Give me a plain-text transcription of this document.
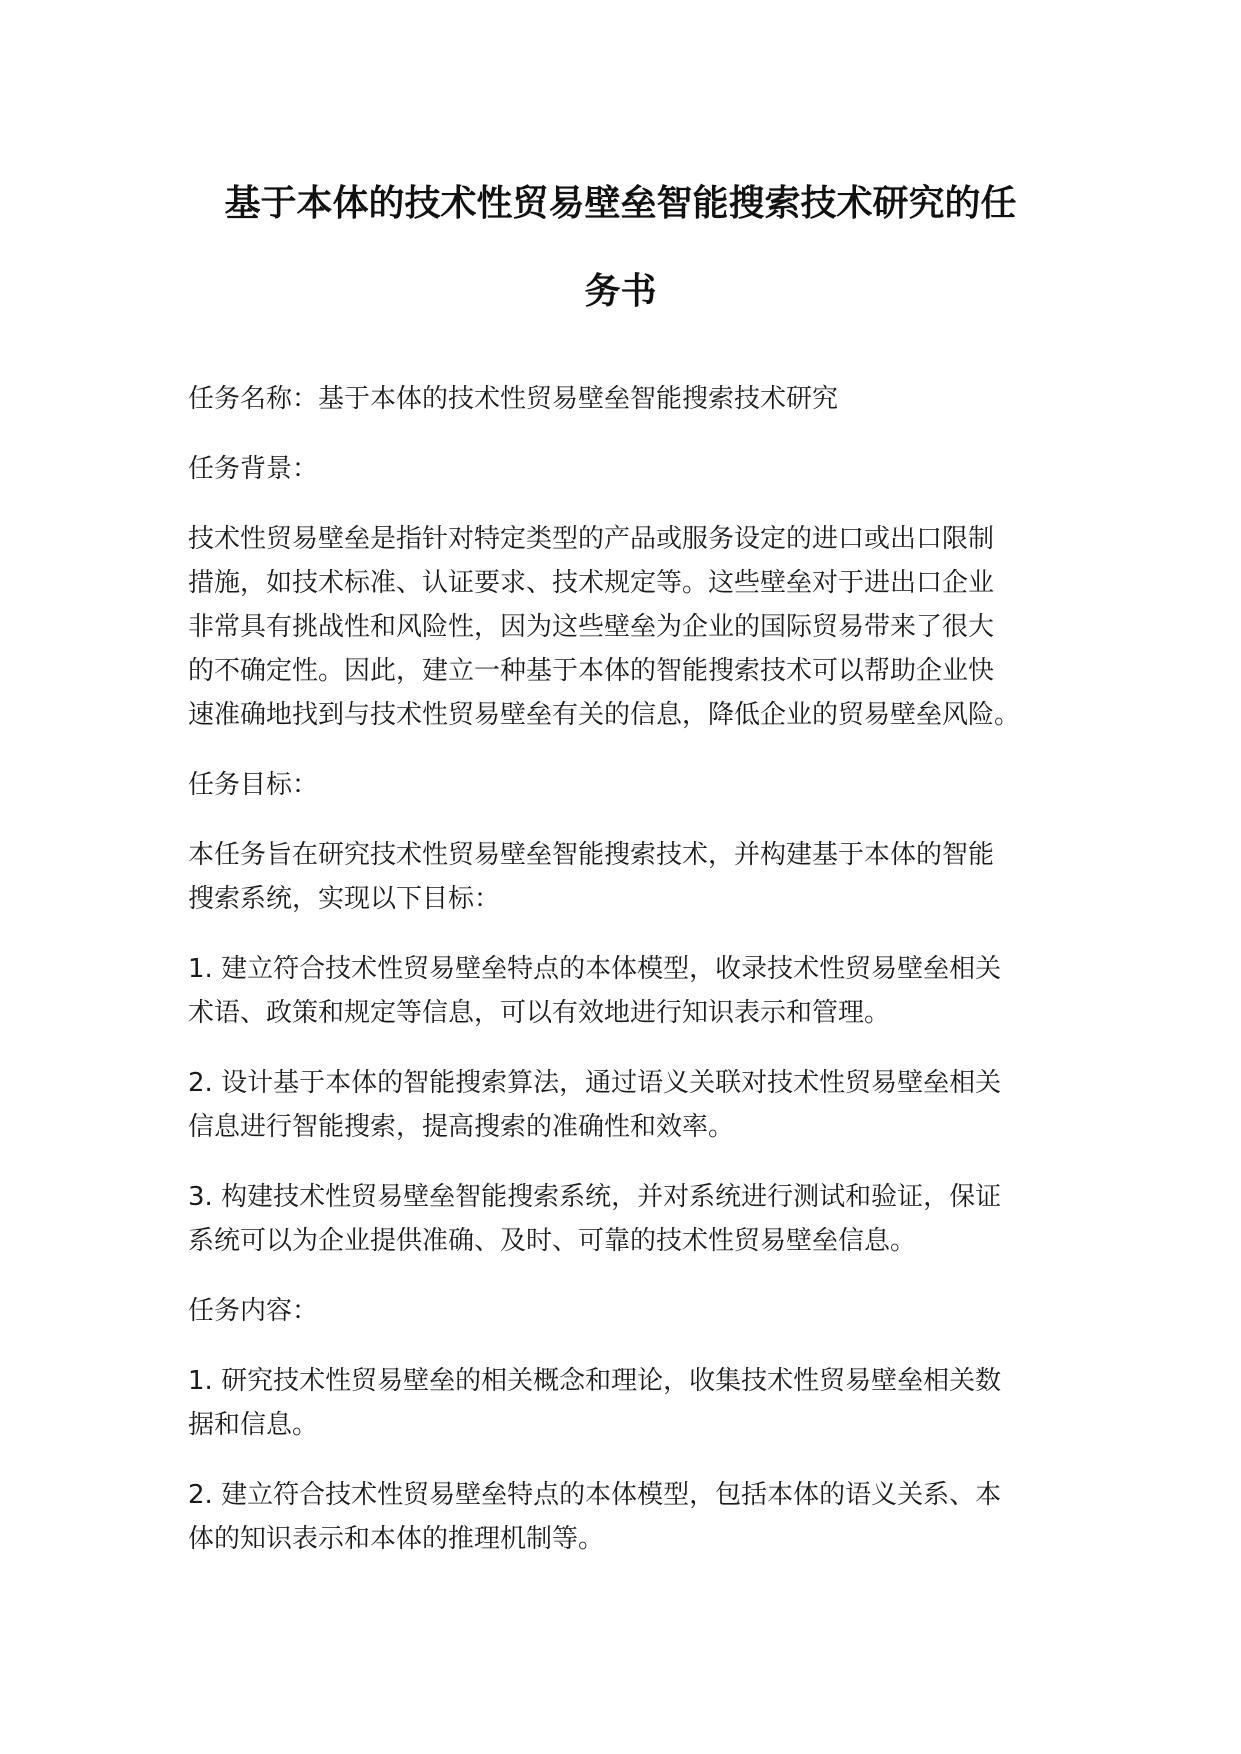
基于本体的技术性贸易壁垒智能搜索技术研究的任
务书

任务名称：基于本体的技术性贸易壁垒智能搜索技术研究

任务背景：

技术性贸易壁垒是指针对特定类型的产品或服务设定的进口或出口限制
措施，如技术标准、认证要求、技术规定等。这些壁垒对于进出口企业
非常具有挑战性和风险性，因为这些壁垒为企业的国际贸易带来了很大
的不确定性。因此，建立一种基于本体的智能搜索技术可以帮助企业快
速准确地找到与技术性贸易壁垒有关的信息，降低企业的贸易壁垒风险。

任务目标：

本任务旨在研究技术性贸易壁垒智能搜索技术，并构建基于本体的智能
搜索系统，实现以下目标：

1. 建立符合技术性贸易壁垒特点的本体模型，收录技术性贸易壁垒相关
术语、政策和规定等信息，可以有效地进行知识表示和管理。

2. 设计基于本体的智能搜索算法，通过语义关联对技术性贸易壁垒相关
信息进行智能搜索，提高搜索的准确性和效率。

3. 构建技术性贸易壁垒智能搜索系统，并对系统进行测试和验证，保证
系统可以为企业提供准确、及时、可靠的技术性贸易壁垒信息。

任务内容：

1. 研究技术性贸易壁垒的相关概念和理论，收集技术性贸易壁垒相关数
据和信息。

2. 建立符合技术性贸易壁垒特点的本体模型，包括本体的语义关系、本
体的知识表示和本体的推理机制等。
